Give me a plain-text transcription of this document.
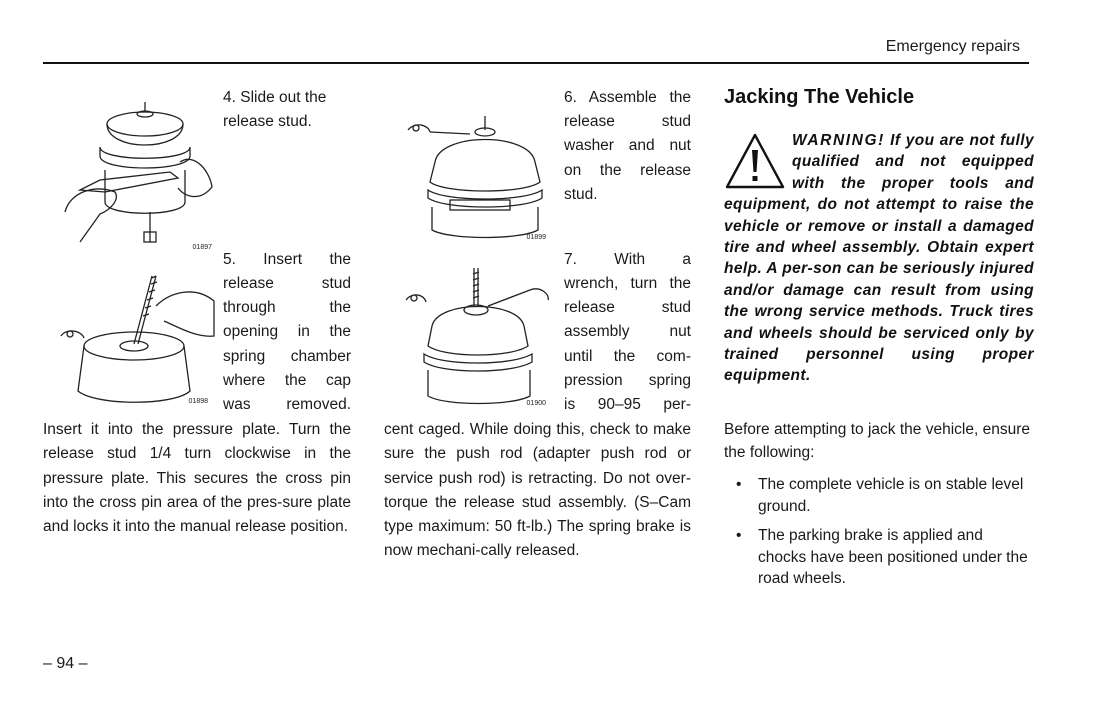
Emergency repairs
01897
01898
4. Slide out the
release stud.
5. Insert the
release stud
through the
opening in the
spring chamber
where the cap
was removed.
Insert it into the pressure plate. Turn the release stud 1/4 turn clockwise in the pressure plate. This secures the cross pin into the cross pin area of the pres-sure plate and locks it into the manual release position.
01899
01900
6. Assemble the
release stud
washer and nut
on the release
stud.
7. With a
wrench, turn the
release stud
assembly nut
until the com-
pression spring
is 90–95 per-
cent caged. While doing this, check to make sure the push rod (adapter push rod or service push rod) is retracting. Do not over-torque the release stud assembly. (S–Cam type maximum: 50 ft-lb.) The spring brake is now mechani-cally released.
Jacking The Vehicle
WARNING! If you are not fully qualified and not equipped with the proper tools and equipment, do not attempt to raise the vehicle or remove or install a damaged tire and wheel assembly. Obtain expert help. A per-son can be seriously injured and/or damage can result from using the wrong service methods. Truck tires and wheels should be serviced only by trained personnel using proper equipment.
Before attempting to jack the vehicle, ensure the following:
• The complete vehicle is on stable level ground.
• The parking brake is applied and chocks have been positioned under the road wheels.
– 94 –
